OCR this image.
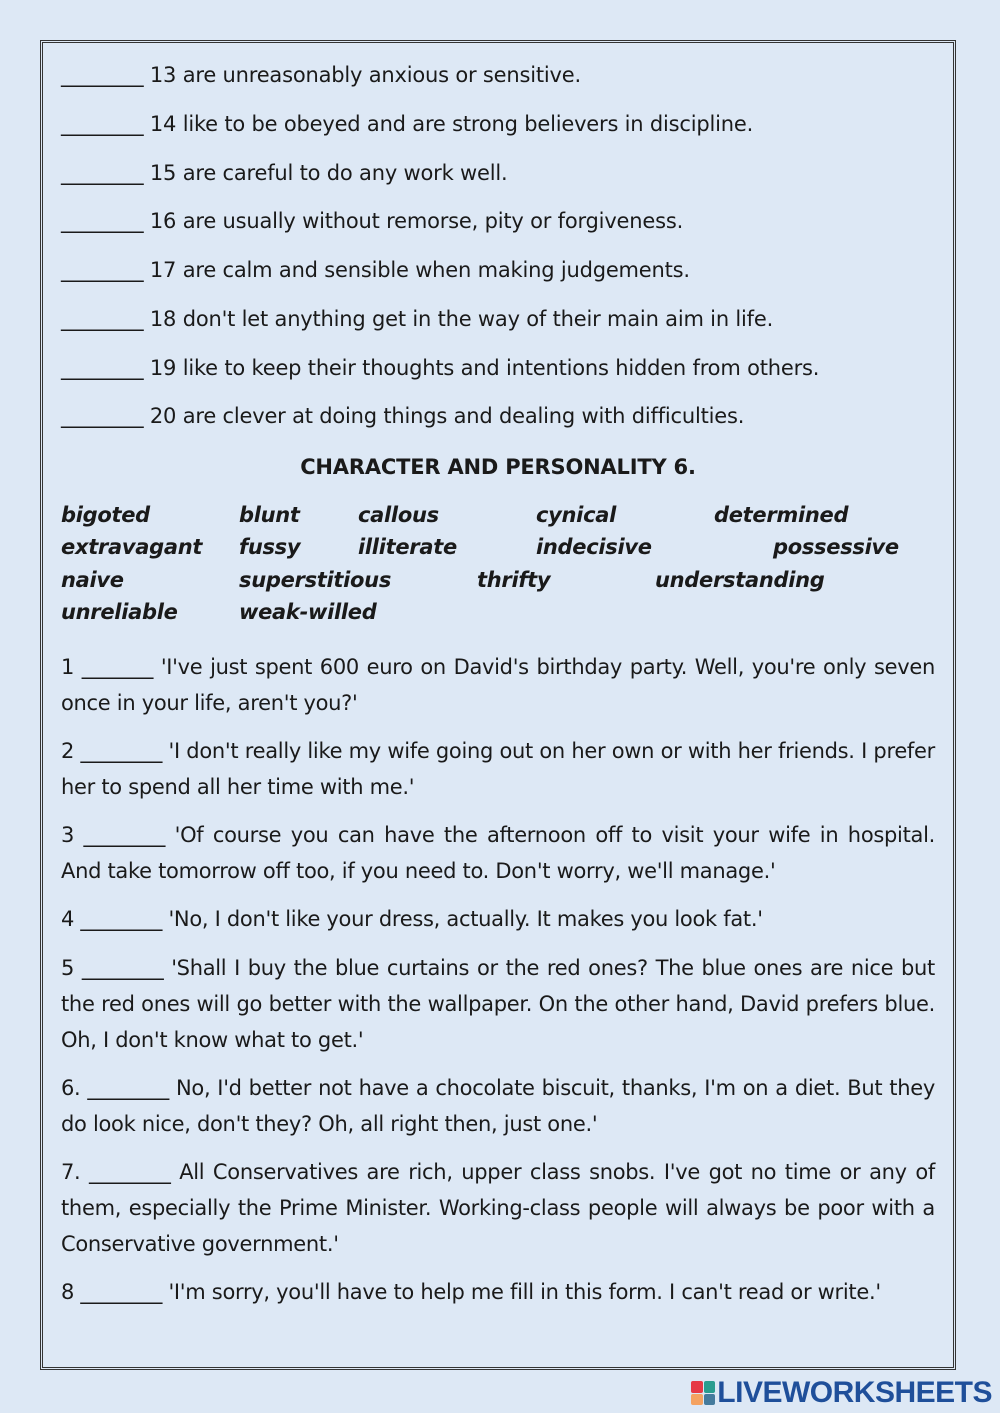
________ 13 are unreasonably anxious or sensitive.
________ 14 like to be obeyed and are strong believers in discipline.
________ 15 are careful to do any work well.
________ 16 are usually without remorse, pity or forgiveness.
________ 17 are calm and sensible when making judgements.
________ 18 don't let anything get in the way of their main aim in life.
________ 19 like to keep their thoughts and intentions hidden from others.
________ 20 are clever at doing things and dealing with difficulties.
CHARACTER AND PERSONALITY 6.
bigoted	blunt	callous	cynical	determined
extravagant fussy	illiterate	indecisive	possessive
naive	superstitious	thrifty	understanding
unreliable	weak-willed
1 _______ 'I've just spent 600 euro on David's birthday party. Well, you're only seven once in your life, aren't you?'
2 ________ 'I don't really like my wife going out on her own or with her friends. I prefer her to spend all her time with me.'
3 ________ 'Of course you can have the afternoon off to visit your wife in hospital. And take tomorrow off too, if you need to. Don't worry, we'll manage.'
4 ________ 'No, I don't like your dress, actually. It makes you look fat.'
5 ________ 'Shall I buy the blue curtains or the red ones? The blue ones are nice but the red ones will go better with the wallpaper. On the other hand, David prefers blue. Oh, I don't know what to get.'
6. ________ No, I'd better not have a chocolate biscuit, thanks, I'm on a diet. But they do look nice, don't they? Oh, all right then, just one.'
7. ________ All Conservatives are rich, upper class snobs. I've got no time or any of them, especially the Prime Minister. Working-class people will always be poor with a Conservative government.'
8 ________ 'I'm sorry, you'll have to help me fill in this form. I can't read or write.'
LIVEWORKSHEETS
